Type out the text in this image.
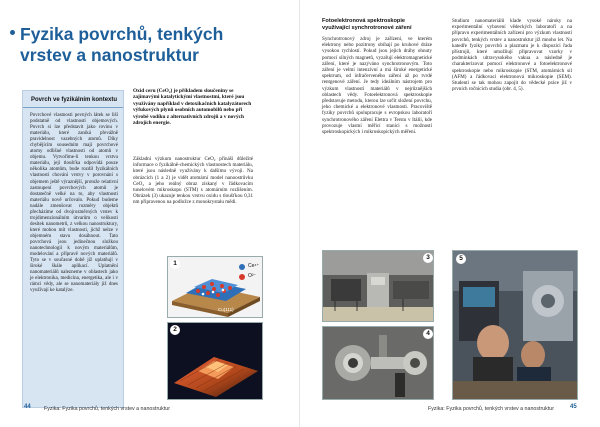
Fyzika povrchů, tenkých vrstev a nanostruktur
Povrch ve fyzikálním kontextu
Povrchové vlastnosti pevných látek se liší podstatně od vlastností objemových. Povrch si lze představit jako rovinu v materiálu, které zaniká převážně pravidelnost vazebných atomů. Díky chybějícím sousedním mají povrchové atomy odlišné vlastnosti od atomů v objemu. Vytvoříme-li tenkou vrstvu materiálu, její tloušťka odpovídá pouze několika atomům, bude rozdíl fyzikálních vlastností chování vrstvy v porovnání s objemem ještě výraznější, protože relativní zastoupení povrchových atomů je dostatečně velké na to, aby vlastnosti materiálu nově určovalo. Pokud budeme nadále zmenšovat rozměry objektů přecházíme od dvojrozměrných vrstev k trojdimenzionálním útvarům o velikosti desítek nanometrů, z velkou nanostruktury, které mohou mít vlastnosti, jichž nelze v objemném stavu dosáhnout. Tato povrchová jsou jedinečnou složkou nanotechnologií k novým materiálům, modelování a přípravě nových materiálů. Tyto se v současné době již uplatňují v široké škále aplikací. Uplatnění nanomateriálů nalezneme v oblastech jako je elektronika, medicína, energetika, ale i v rámci vědy, ale se nanomateriály již dnes využívají ke katalýze.
Oxid ceru (CeO₂) je příkladem sloučeniny se zajímavými katalytickými vlastnostmi, které jsou využívány například v detoxikačních katalyzátorech výfukových plynů osobních automobilů nebo při výrobě vodíku z alternativních zdrojů a v nových zdrojích energie.
Základní výzkum nanostruktur CeO₂ přináší důležité informace o fyzikálně-chemických vlastnostech materiálu, které jsou následně využívány k dalšímu vývoji. Na obrázcích (1 a 2) je vidět atomární model nanoostrůvku CeO₂ a jeho reálný obraz získaný v řádkovacím tunelovém mikroskopu (STM) s atomárním rozlišením. Obrázek (3) ukazuje tenkou vrstvu oxidu s tloušťkou 0,31 nm připravenou na podložce z monokrystalu mědi.
Ce⁴⁺
O²⁻
Cu(111)
1
2
44	Fyzika: Fyzika povrchů, tenkých vrstev a nanostruktur
Fotoelektronová spektroskopie využívající synchrotronové záření
Synchrotronový zdroj je zařízení, ve kterém elektrony nebo pozitrony obíhají po kruhové dráze vysokou rychlostí. Pokud jsou jejich dráhy ohnuty pomocí silných magnetů, vyzařují elektromagnetické záření, které je nazýváno synchrotronovým. Toto záření je velmi intenzivní a má široké energetické spektrum, od infračerveného záření až po tvrdé rentgenové záření. Je tedy ideálním nástrojem pro výzkum vlastností materiálů v nejrůznějších oblastech vědy. Fotoelektronová spektroskopie představuje metodu, kterou lze určit složení povrchu, jeho chemické a elektronové vlastnosti. Pracoviště fyziky povrchů spolupracuje s evropskou laboratoří synchrotronového záření Elettra v Terstu v Itálii, kde provozuje vlastní měřicí stanici s možností spektroskopických i mikroskopických měření.
Studium nanomateriálů klade vysoké nároky na experimentální vybavení vědeckých laboratoří a na přípravu experimentálních zařízení pro výzkum vlastností povrchů, tenkých vrstev a nanostruktur již mnoho let. Na katedře fyziky povrchů a plazmatu je k dispozici řada přístrojů, které umožňují připravovat vzorky v podmínkách ultravysokého vakua a následně je charakterizovat pomocí elektronové a fotoelektronové spektroskopie nebo mikroskopie (STM, atomárních sil (AFM) a řádkovací elektronová mikroskopie (SEM). Studenti se tak mohou zapojit do vědecké práce již v prvních ročnících studia (obr. 4, 5).
3
4
5
Fyzika: Fyzika povrchů, tenkých vrstev a nanostruktur	45
